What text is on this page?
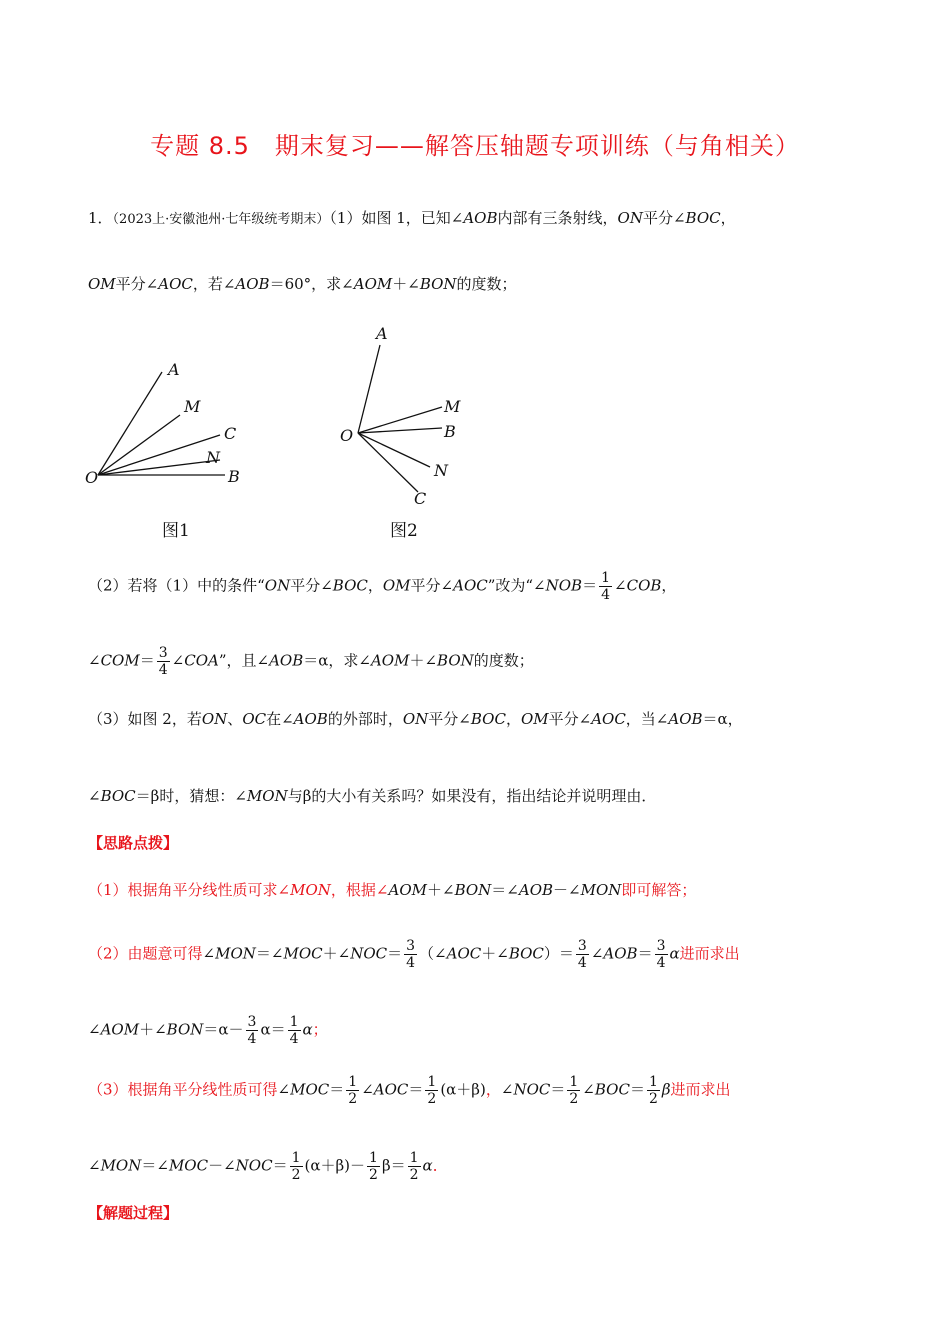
专题 8.5　期末复习——解答压轴题专项训练（与角相关）
1．（2023上·安徽池州·七年级统考期末）（1）如图 1，已知∠AOB内部有三条射线，ON平分∠BOC，
OM平分∠AOC，若∠AOB＝60°，求∠AOM＋∠BON的度数；
A
M
C
N
B
O
图1
A
M
B
N
C
O
图2
（2）若将（1）中的条件“ON平分∠BOC，OM平分∠AOC”改为“∠NOB＝ $\frac{1}{4}$ ∠COB，
∠COM＝ $\frac{3}{4}$ ∠COA”，且∠AOB＝α，求∠AOM＋∠BON的度数；
（3）如图 2，若ON、OC在∠AOB的外部时，ON平分∠BOC，OM平分∠AOC，当∠AOB＝α，
∠BOC＝β时，猜想：∠MON与β的大小有关系吗？如果没有，指出结论并说明理由．
【思路点拨】
（1）根据角平分线性质可求∠MON，根据∠AOM＋∠BON＝∠AOB－∠MON即可解答；
（2）由题意可得∠MON＝∠MOC＋∠NOC＝ $\frac{3}{4}$ （∠AOC＋∠BOC）＝ $\frac{3}{4}$ ∠AOB＝ $\frac{3}{4}$ α进而求出
∠AOM＋∠BON＝α－ $\frac{3}{4} \alpha= \frac{1}{4}$ α；
（3）根据角平分线性质可得∠MOC＝ $\frac{1}{2}$ ∠AOC＝ $\frac{1}{2} (\alpha+\beta)$，∠NOC＝ $\frac{1}{2}$ ∠BOC＝ $\frac{1}{2}$ β进而求出
∠MON＝∠MOC－∠NOC＝ $\frac{1}{2} (\alpha+\beta)- \frac{1}{2} \beta= \frac{1}{2}$ α．
【解题过程】
